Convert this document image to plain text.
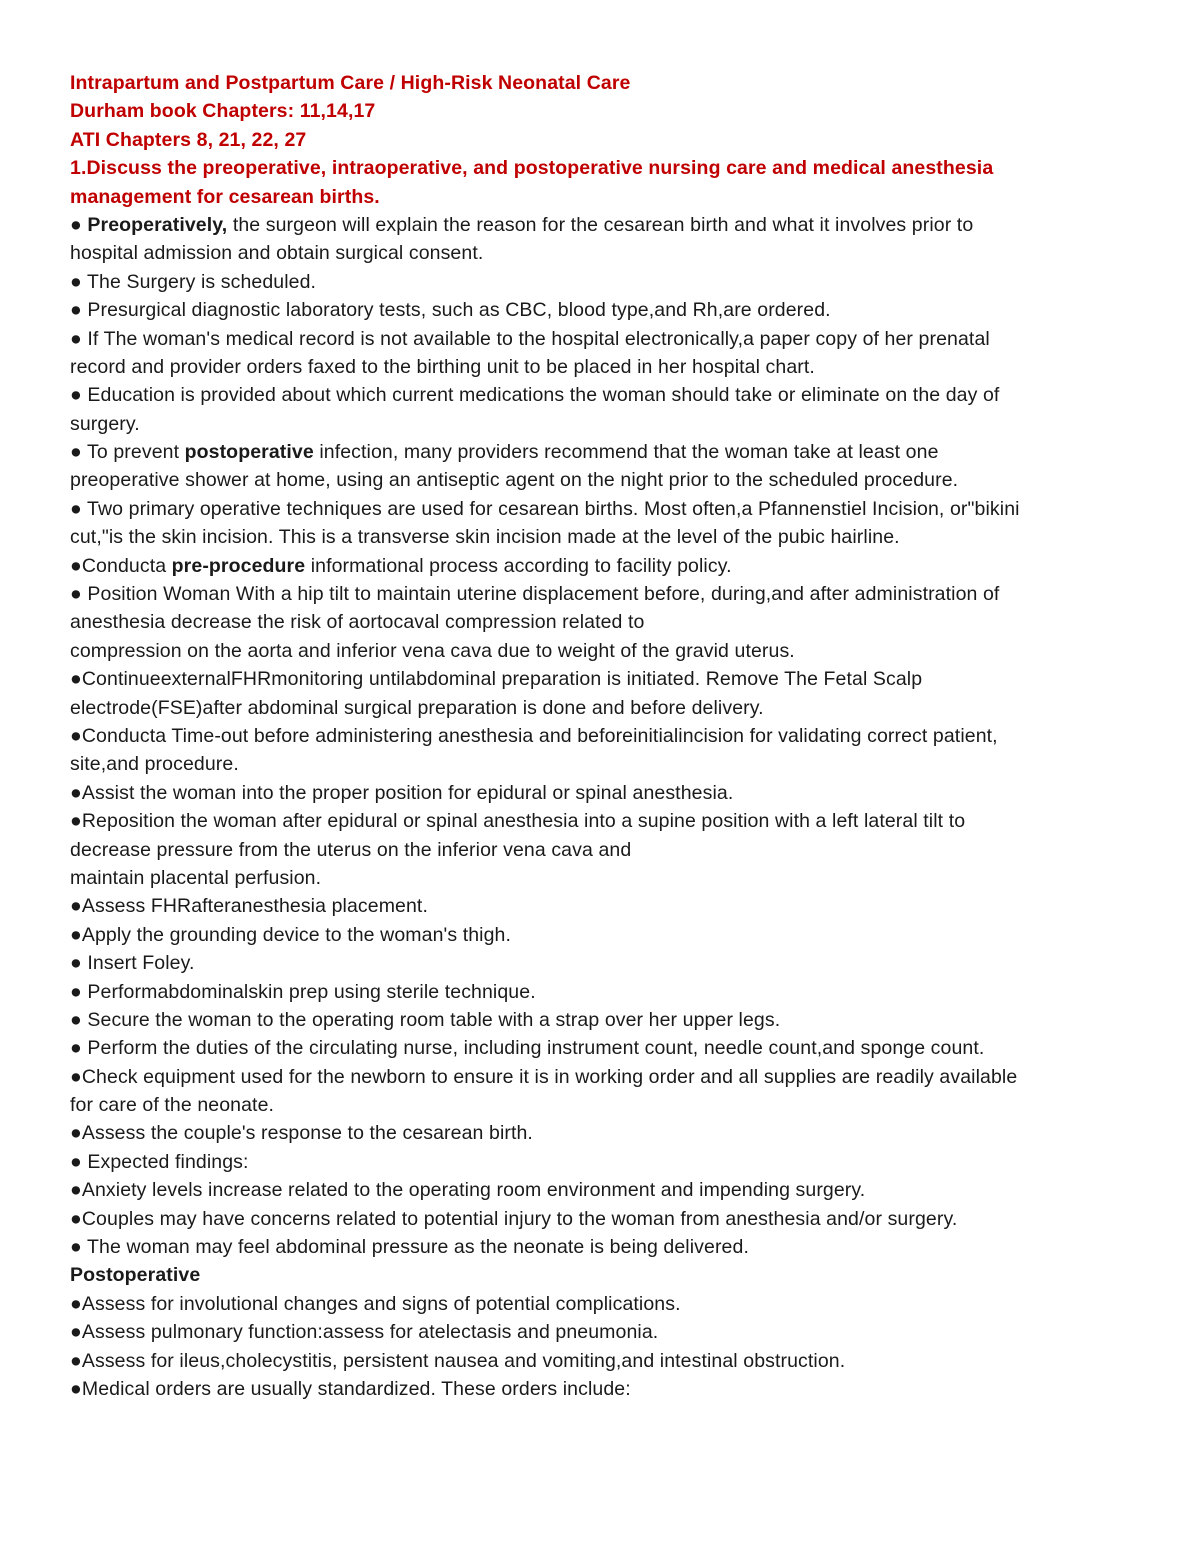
Intrapartum and Postpartum Care / High-Risk Neonatal Care
Durham book Chapters: 11,14,17
ATI Chapters 8, 21, 22, 27
1.Discuss the preoperative, intraoperative, and postoperative nursing care and medical anesthesia
management for cesarean births.
● Preoperatively, the surgeon will explain the reason for the cesarean birth and what it involves prior to
hospital admission and obtain surgical consent.
● The Surgery is scheduled.
● Presurgical diagnostic laboratory tests, such as CBC, blood type,and Rh,are ordered.
● If The woman's medical record is not available to the hospital electronically,a paper copy of her prenatal
record and provider orders faxed to the birthing unit to be placed in her hospital chart.
● Education is provided about which current medications the woman should take or eliminate on the day of
surgery.
● To prevent postoperative infection, many providers recommend that the woman take at least one
preoperative shower at home, using an antiseptic agent on the night prior to the scheduled procedure.
● Two primary operative techniques are used for cesarean births. Most often,a Pfannenstiel Incision, or"bikini
cut,"is the skin incision. This is a transverse skin incision made at the level of the pubic hairline.
●Conducta pre-procedure informational process according to facility policy.
● Position Woman With a hip tilt to maintain uterine displacement before, during,and after administration of
anesthesia decrease the risk of aortocaval compression related to
compression on the aorta and inferior vena cava due to weight of the gravid uterus.
●ContinueexternalFHRmonitoring untilabdominal preparation is initiated. Remove The Fetal Scalp
electrode(FSE)after abdominal surgical preparation is done and before delivery.
●Conducta Time-out before administering anesthesia and beforeinitialincision for validating correct patient,
site,and procedure.
●Assist the woman into the proper position for epidural or spinal anesthesia.
●Reposition the woman after epidural or spinal anesthesia into a supine position with a left lateral tilt to
decrease pressure from the uterus on the inferior vena cava and
maintain placental perfusion.
●Assess FHRafteranesthesia placement.
●Apply the grounding device to the woman's thigh.
● Insert Foley.
● Performabdominalskin prep using sterile technique.
● Secure the woman to the operating room table with a strap over her upper legs.
● Perform the duties of the circulating nurse, including instrument count, needle count,and sponge count.
●Check equipment used for the newborn to ensure it is in working order and all supplies are readily available
for care of the neonate.
●Assess the couple's response to the cesarean birth.
● Expected findings:
●Anxiety levels increase related to the operating room environment and impending surgery.
●Couples may have concerns related to potential injury to the woman from anesthesia and/or surgery.
● The woman may feel abdominal pressure as the neonate is being delivered.
Postoperative
●Assess for involutional changes and signs of potential complications.
●Assess pulmonary function:assess for atelectasis and pneumonia.
●Assess for ileus,cholecystitis, persistent nausea and vomiting,and intestinal obstruction.
●Medical orders are usually standardized. These orders include:
